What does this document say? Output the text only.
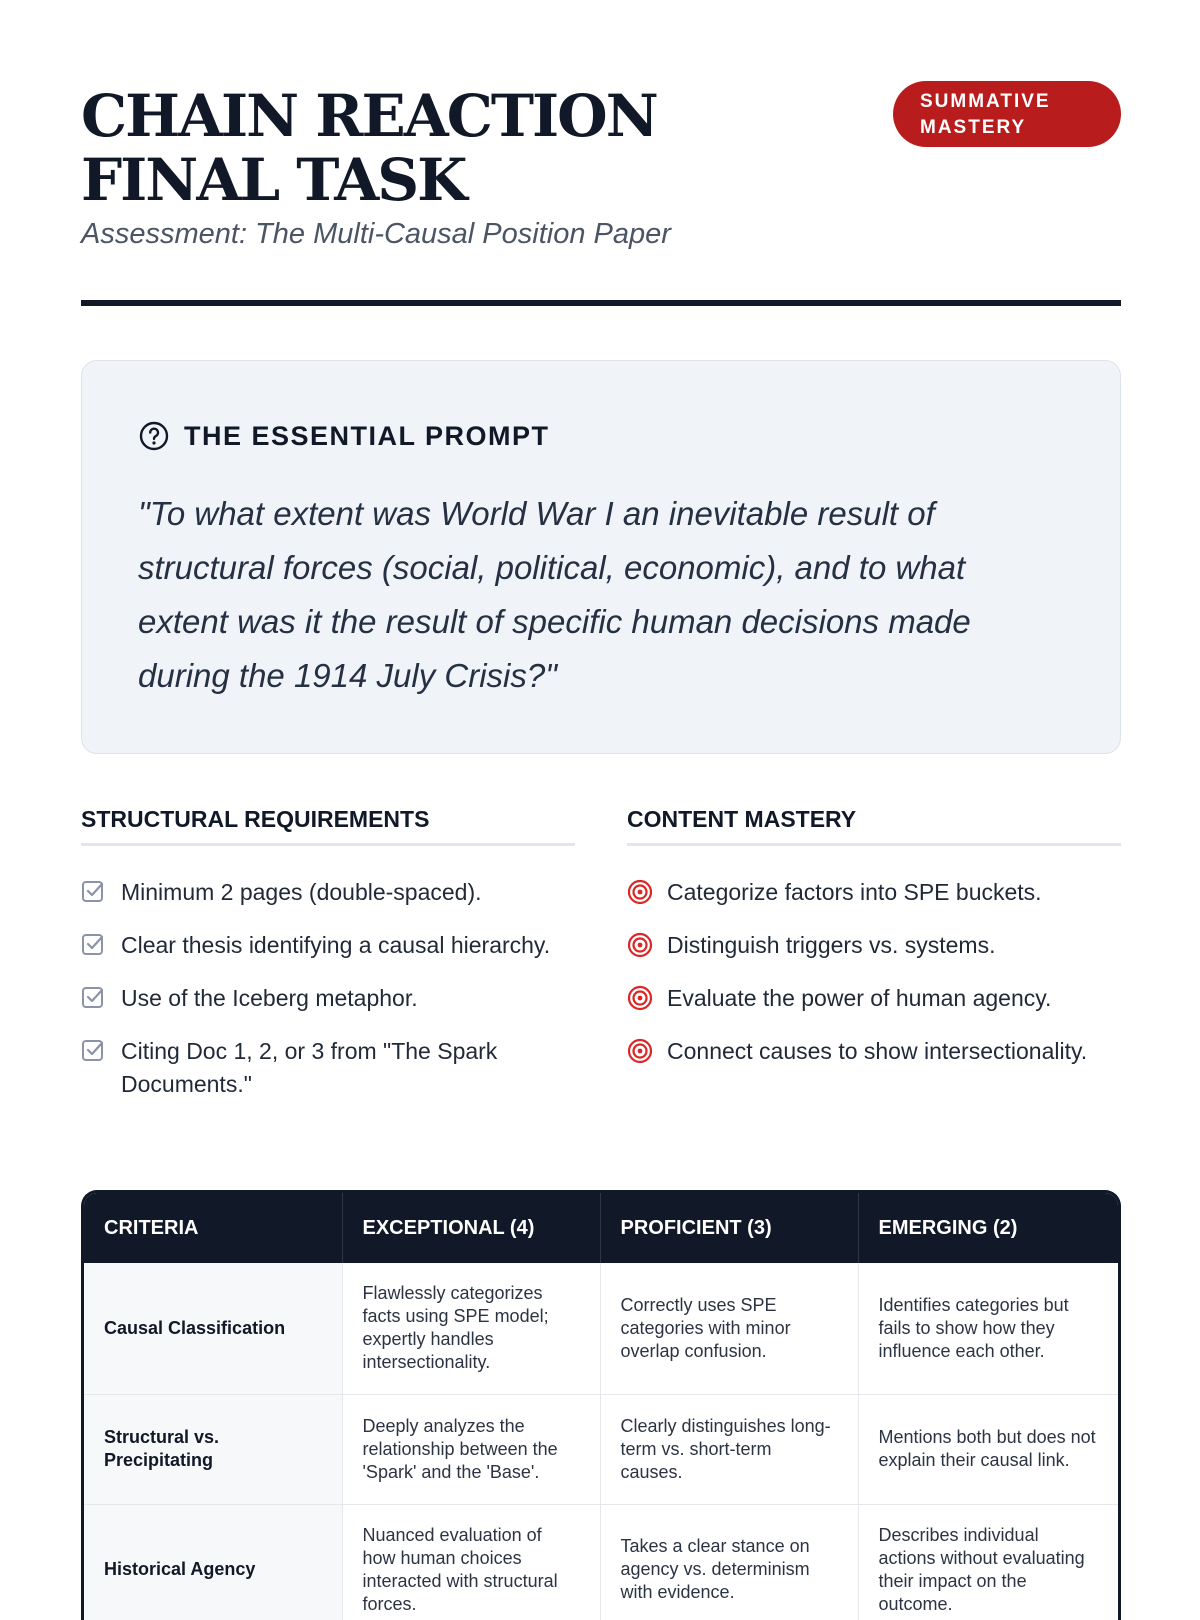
CHAIN REACTION FINAL TASK
SUMMATIVE MASTERY

Assessment: The Multi-Causal Position Paper

THE ESSENTIAL PROMPT

"To what extent was World War I an inevitable result of structural forces (social, political, economic), and to what extent was it the result of specific human decisions made during the 1914 July Crisis?"

STRUCTURAL REQUIREMENTS
Minimum 2 pages (double-spaced).
Clear thesis identifying a causal hierarchy.
Use of the Iceberg metaphor.
Citing Doc 1, 2, or 3 from "The Spark Documents."
CONTENT MASTERY
Categorize factors into SPE buckets.
Distinguish triggers vs. systems.
Evaluate the power of human agency.
Connect causes to show intersectionality.
CRITERIA	EXCEPTIONAL (4)	PROFICIENT (3)	EMERGING (2)
Causal Classification	Flawlessly categorizes facts using SPE model; expertly handles intersectionality.	Correctly uses SPE categories with minor overlap confusion.	Identifies categories but fails to show how they influence each other.
Structural vs. Precipitating	Deeply analyzes the relationship between the 'Spark' and the 'Base'.	Clearly distinguishes long-term vs. short-term causes.	Mentions both but does not explain their causal link.
Historical Agency	Nuanced evaluation of how human choices interacted with structural forces.	Takes a clear stance on agency vs. determinism with evidence.	Describes individual actions without evaluating their impact on the outcome.
